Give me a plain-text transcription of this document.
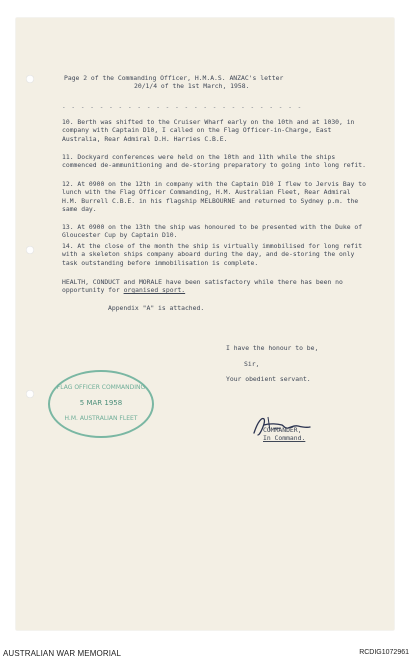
Page 2 of the Commanding Officer, H.M.A.S. ANZAC's letter
20/1/4 of the 1st March, 1958.
- - - - - - - - - - - - - - - - - - - - - - - - - -
10. Berth was shifted to the Cruiser Wharf early on the 10th and at 1030, in company with Captain D10, I called on the Flag Officer-in-Charge, East Australia, Rear Admiral D.H. Harries C.B.E.
11. Dockyard conferences were held on the 10th and 11th while the ships commenced de-ammunitioning and de-storing preparatory to going into long refit.
12. At 0900 on the 12th in company with the Captain D10 I flew to Jervis Bay to lunch with the Flag Officer Commanding, H.M. Australian Fleet, Rear Admiral H.M. Burrell C.B.E. in his flagship MELBOURNE and returned to Sydney p.m. the same day.
13. At 0900 on the 13th the ship was honoured to be presented with the Duke of Gloucester Cup by Captain D10.
14. At the close of the month the ship is virtually immobilised for long refit with a skeleton ships company aboard during the day, and de-storing the only task outstanding before immobilisation is complete.
HEALTH, CONDUCT and MORALE have been satisfactory while there has been no opportunity for organised sport.
Appendix "A" is attached.
I have the honour to be,
Sir,
Your obedient servant.
FLAG OFFICER COMMANDING
5 MAR 1958
H.M. AUSTRALIAN FLEET
COMMANDER,
In Command.
AUSTRALIAN WAR MEMORIAL	RCDIG1072961
